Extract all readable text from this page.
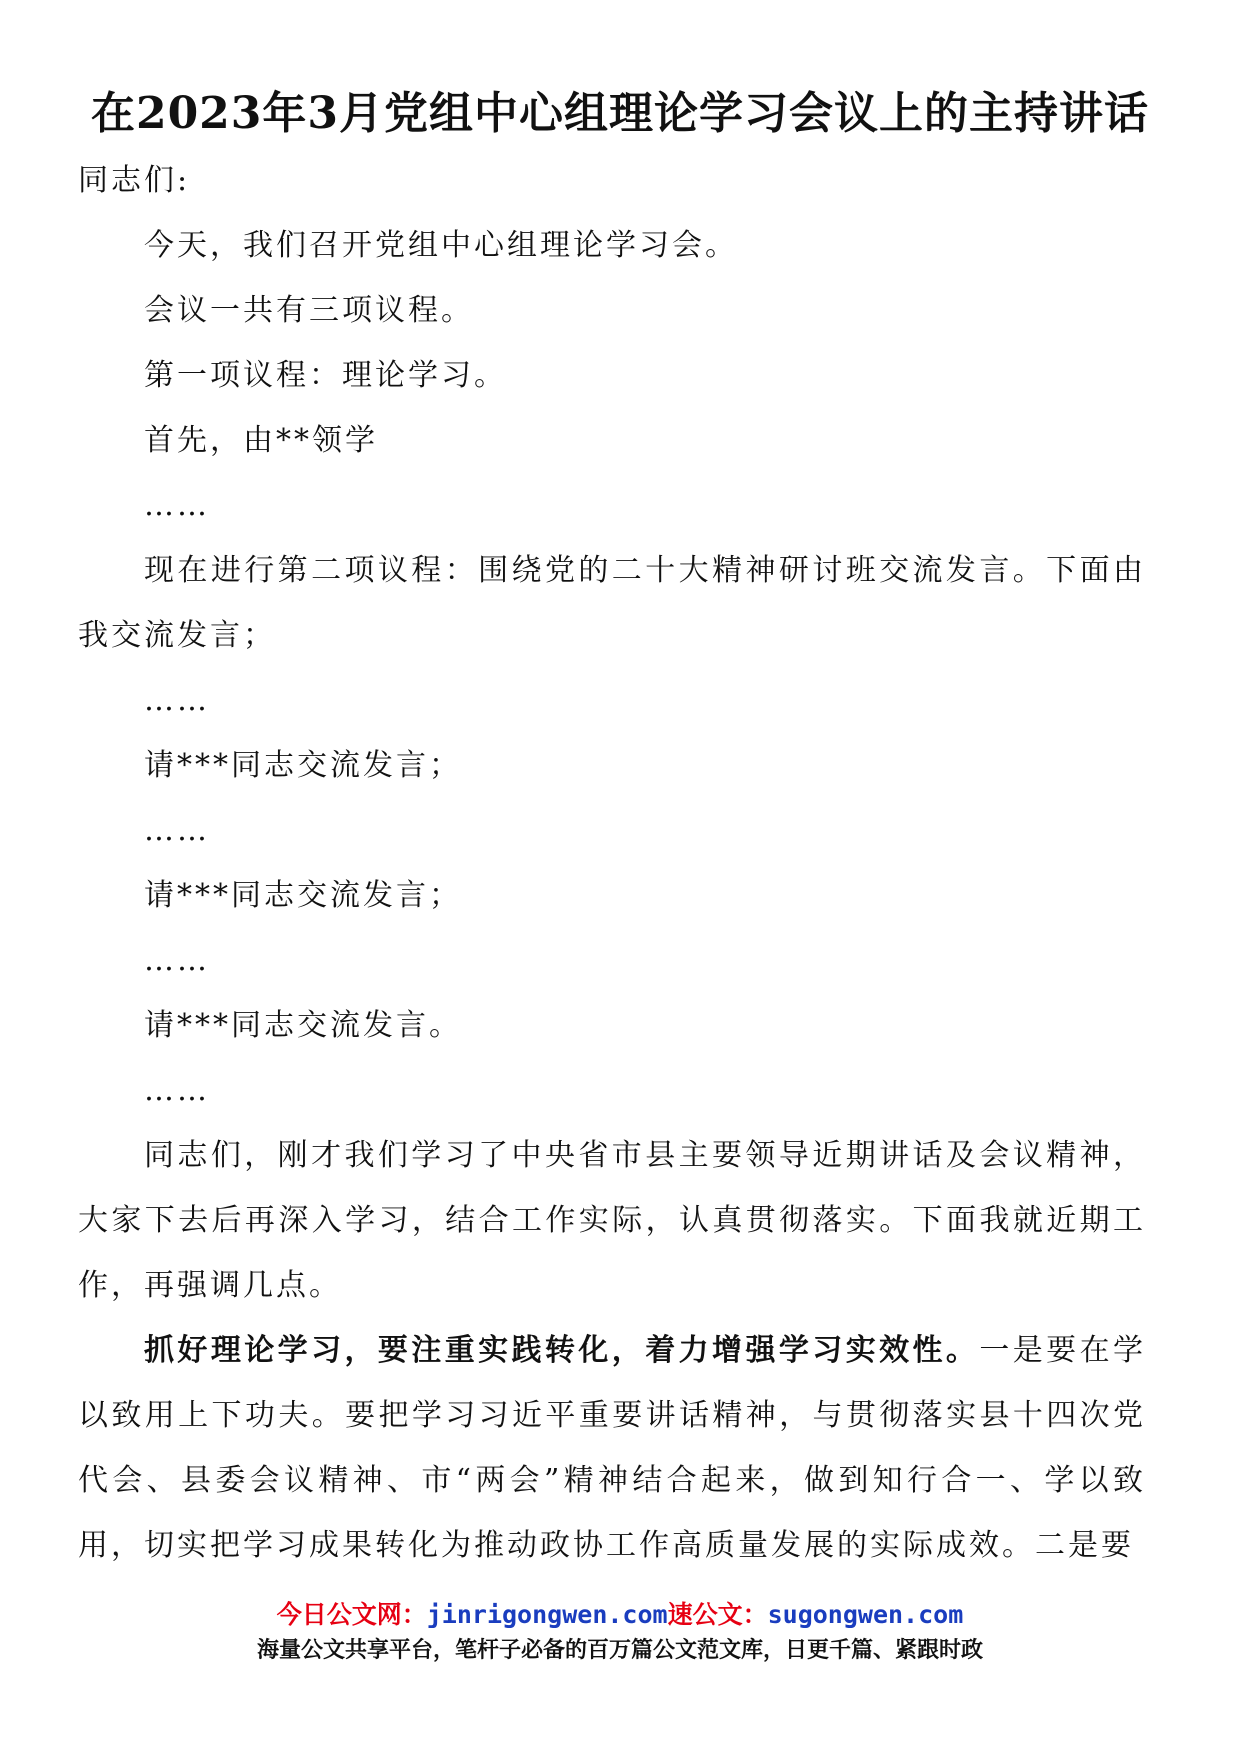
在2023年3月党组中心组理论学习会议上的主持讲话

同志们:

今天，我们召开党组中心组理论学习会。

会议一共有三项议程。

第一项议程：理论学习。

首先，由**领学

……

现在进行第二项议程：围绕党的二十大精神研讨班交流发言。下面由我交流发言；

……

请***同志交流发言；

……

请***同志交流发言；

……

请***同志交流发言。

……

同志们，刚才我们学习了中央省市县主要领导近期讲话及会议精神，大家下去后再深入学习，结合工作实际，认真贯彻落实。下面我就近期工作，再强调几点。

抓好理论学习，要注重实践转化，着力增强学习实效性。一是要在学以致用上下功夫。要把学习习近平重要讲话精神，与贯彻落实县十四次党代会、县委会议精神、市“两会”精神结合起来，做到知行合一、学以致用，切实把学习成果转化为推动政协工作高质量发展的实际成效。二是要

今日公文网：jinrigongwen.com速公文：sugongwen.com
海量公文共享平台，笔杆子必备的百万篇公文范文库，日更千篇、紧跟时政
